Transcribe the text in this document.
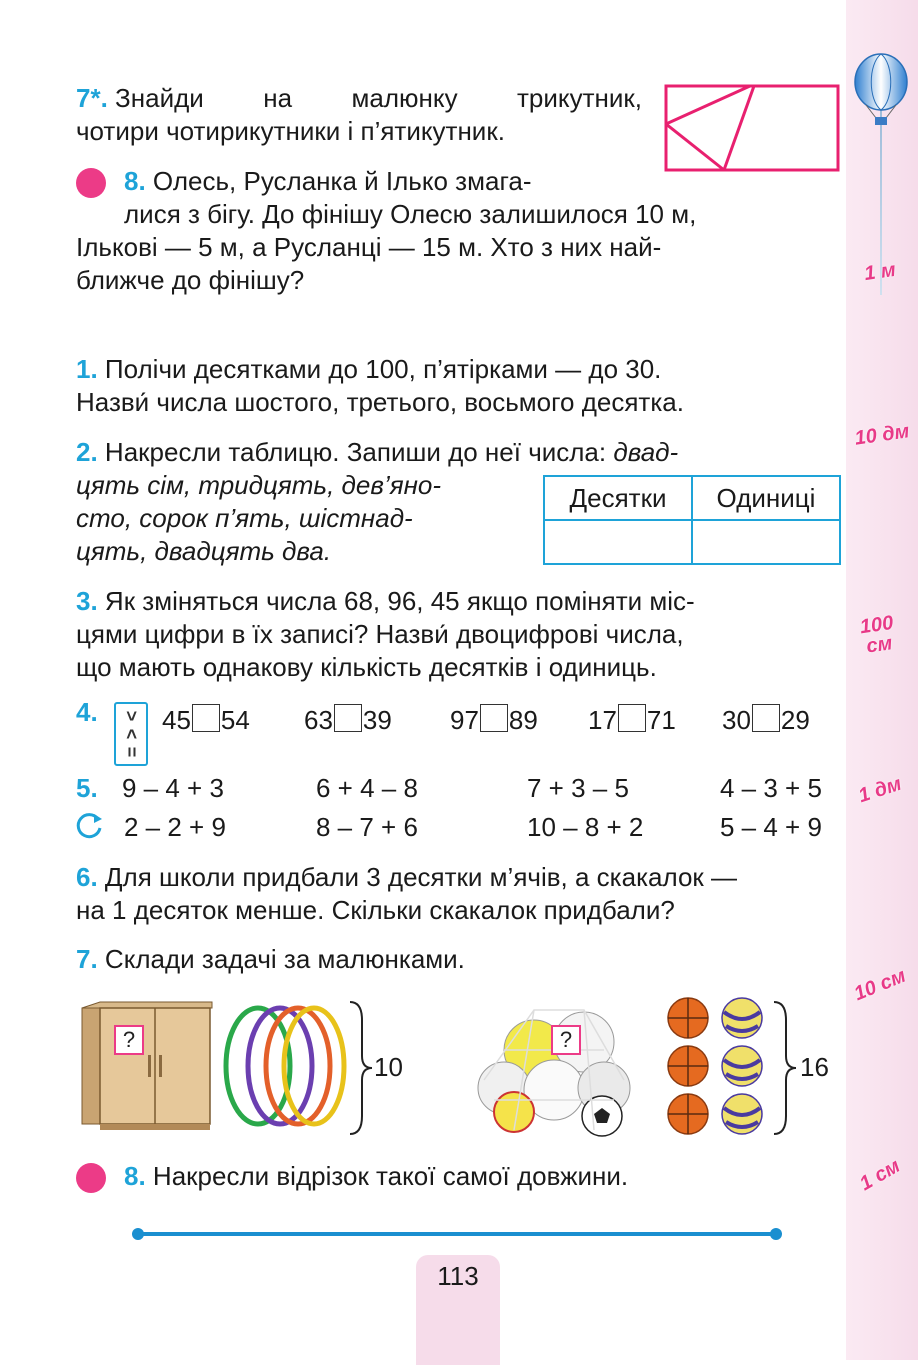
1 м
10 дм
100 см
1 дм
10 см
1 см
7*. Знайди на малюнку трикутник,
чотири чотирикутники і п’ятикутник.
8. Олесь, Русланка й Ілько змага-
лися з бігу. До фінішу Олесю залишилося 10 м,
Ількові — 5 м, а Русланці — 15 м. Хто з них най-
ближче до фінішу?
1. Полічи десятками до 100, п’ятірками — до 30.
Назви́ числа шостого, третього, восьмого десятка.
2. Накресли таблицю. Запиши до неї числа: двад-
цять сім, тридцять, дев’яно-
сто, сорок п’ять, шістнад-
цять, двадцять два.
Десятки	Одиниці

3. Як зміняться числа 68, 96, 45 якщо поміняти міс-
цями цифри в їх записі? Назви́ двоцифрові числа,
що мають однакову кількість десятків і одиниць.
4. >
<
=
45 54 63 39 97 89 17 71 30 29
5. 9 – 4 + 3	6 + 4 – 8	7 + 3 – 5	4 – 3 + 5
2 – 2 + 9	8 – 7 + 6	10 – 8 + 2	5 – 4 + 9
6. Для школи придбали 3 десятки м’ячів, а скакалок —
на 1 десяток менше. Скільки скакалок придбали?
7. Склади задачі за малюнками.
?
10
?
16
8. Накресли відрізок такої самої довжини.
113
